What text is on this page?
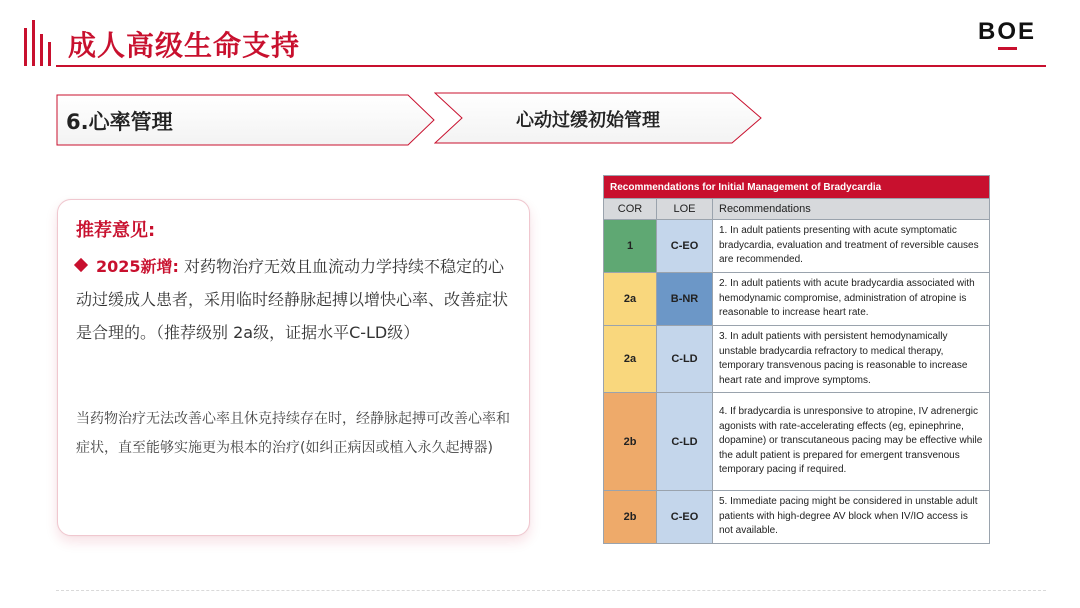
成人高级生命支持	BOE
6.心率管理	心动过缓初始管理
推荐意见:
2025新增: 对药物治疗无效且血流动力学持续不稳定的心动过缓成人患者，采用临时经静脉起搏以增快心率、改善症状是合理的。（推荐级别 2a级，证据水平C-LD级）
当药物治疗无法改善心率且休克持续存在时，经静脉起搏可改善心率和症状，直至能够实施更为根本的治疗(如纠正病因或植入永久起搏器)
Recommendations for Initial Management of Bradycardia		
COR	LOE	Recommendations
1	C-EO	1. In adult patients presenting with acute symptomatic bradycardia, evaluation and treatment of reversible causes are recommended.
2a	B-NR	2. In adult patients with acute bradycardia associated with hemodynamic compromise, administration of atropine is reasonable to increase heart rate.
2a	C-LD	3. In adult patients with persistent hemodynamically unstable bradycardia refractory to medical therapy, temporary transvenous pacing is reasonable to increase heart rate and improve symptoms.
2b	C-LD	4. If bradycardia is unresponsive to atropine, IV adrenergic agonists with rate-accelerating effects (eg, epinephrine, dopamine) or transcutaneous pacing may be effective while the adult patient is prepared for emergent transvenous temporary pacing if required.
2b	C-EO	5. Immediate pacing might be considered in unstable adult patients with high-degree AV block when IV/IO access is not available.
